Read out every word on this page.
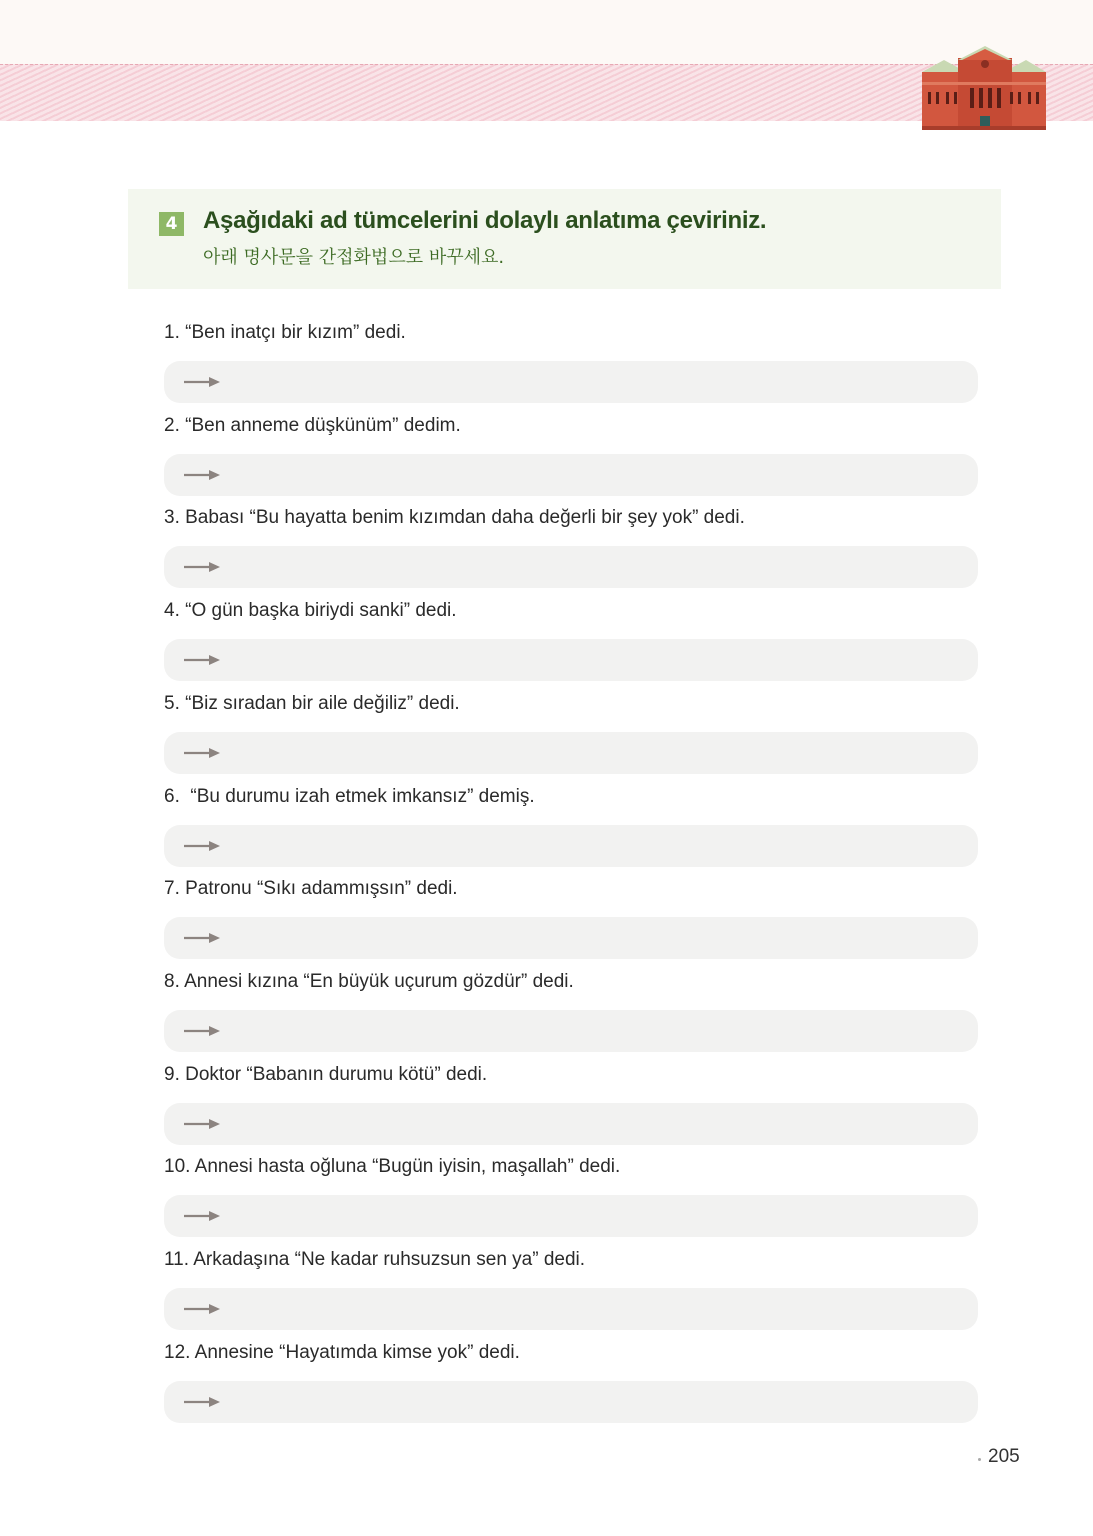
4 Aşağıdaki ad tümcelerini dolaylı anlatıma çeviriniz.
아래 명사문을 간접화법으로 바꾸세요.
1. “Ben inatçı bir kızım” dedi.
2. “Ben anneme düşkünüm” dedim.
3. Babası “Bu hayatta benim kızımdan daha değerli bir şey yok” dedi.
4. “O gün başka biriydi sanki” dedi.
5. “Biz sıradan bir aile değiliz” dedi.
6.  “Bu durumu izah etmek imkansız” demiş.
7. Patronu “Sıkı adammışsın” dedi.
8. Annesi kızına “En büyük uçurum gözdür” dedi.
9. Doktor “Babanın durumu kötü” dedi.
10. Annesi hasta oğluna “Bugün iyisin, maşallah” dedi.
11. Arkadaşına “Ne kadar ruhsuzsun sen ya” dedi.
12. Annesine “Hayatımda kimse yok” dedi.
205
